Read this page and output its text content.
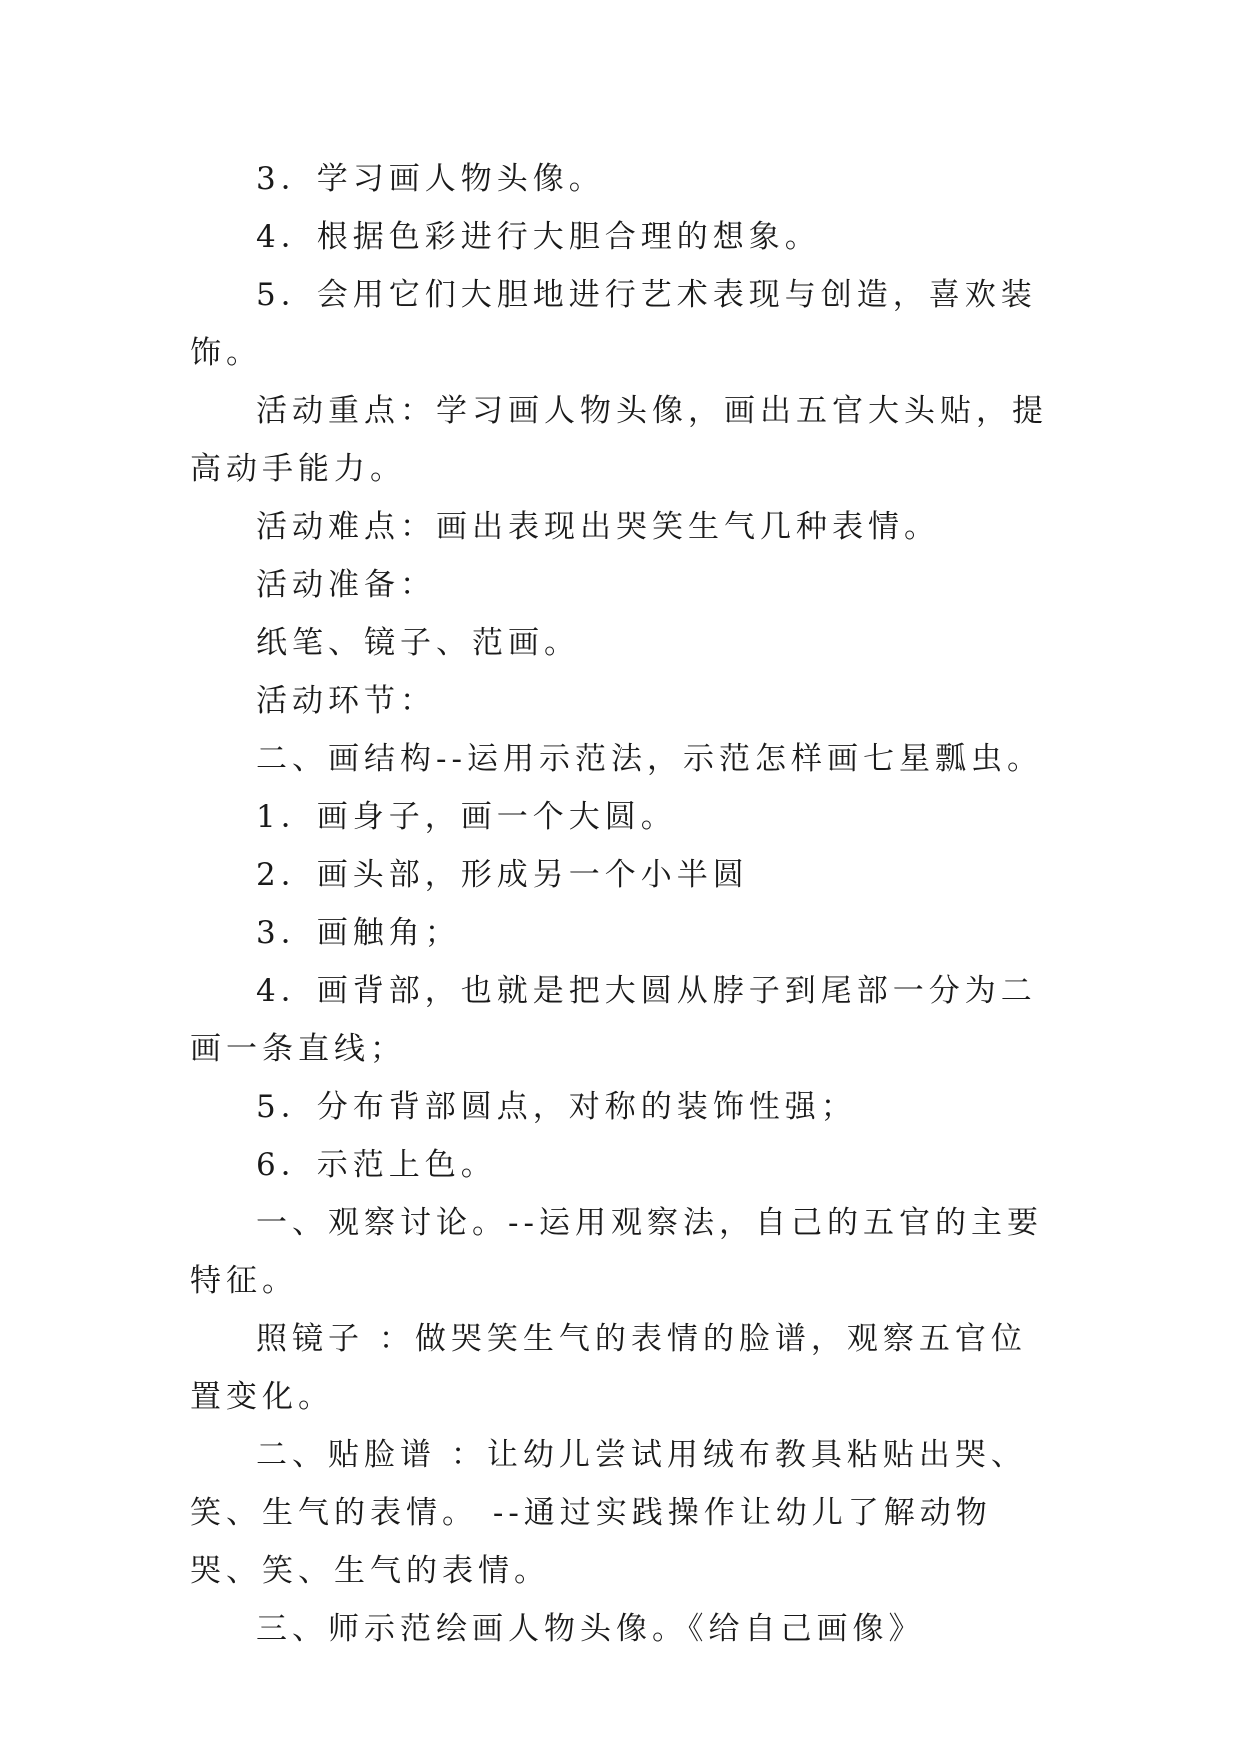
3．学习画人物头像。

4．根据色彩进行大胆合理的想象。

5．会用它们大胆地进行艺术表现与创造，喜欢装饰。

活动重点：学习画人物头像，画出五官大头贴，提高动手能力。

活动难点：画出表现出哭笑生气几种表情。

活动准备：

纸笔、镜子、范画。

活动环节：

二、画结构--运用示范法，示范怎样画七星瓢虫。

1．画身子，画一个大圆。

2．画头部，形成另一个小半圆

3．画触角；

4．画背部，也就是把大圆从脖子到尾部一分为二画一条直线；

5．分布背部圆点，对称的装饰性强；

6．示范上色。

一、观察讨论。--运用观察法，自己的五官的主要特征。

照镜子 ：做哭笑生气的表情的脸谱，观察五官位置变化。

二、贴脸谱 ：让幼儿尝试用绒布教具粘贴出哭、笑、生气的表情。 --通过实践操作让幼儿了解动物哭、笑、生气的表情。

三、师示范绘画人物头像。《给自己画像》
